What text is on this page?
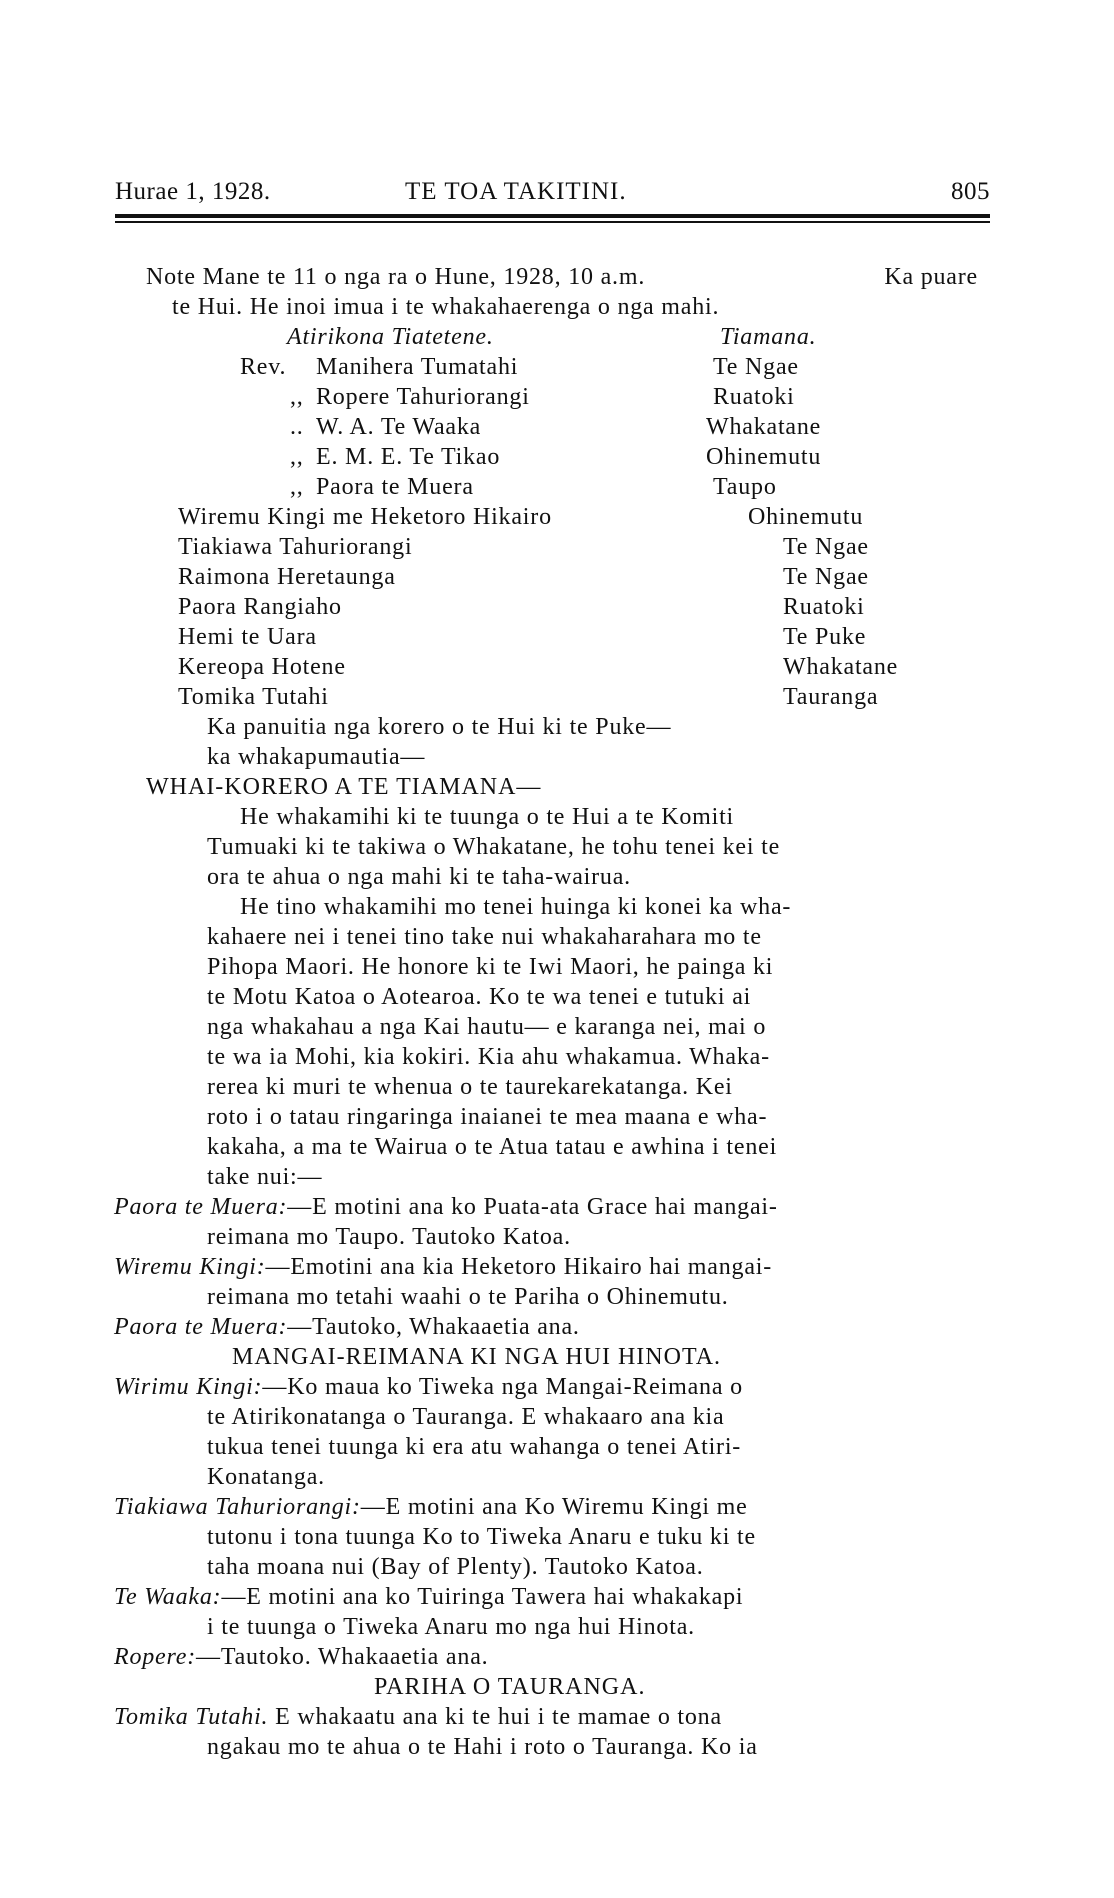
Hurae 1, 1928.	TE TOA TAKITINI.	805
Note Mane te 11 o nga ra o Hune, 1928, 10 a.m.	Ka puare
te Hui. He inoi imua i te whakahaerenga o nga mahi.
Atirikona Tiatetene.	Tiamana.
Rev. Manihera Tumatahi	Te Ngae
,, Ropere Tahuriorangi	Ruatoki
.. W. A. Te Waaka	Whakatane
,, E. M. E. Te Tikao	Ohinemutu
,, Paora te Muera	Taupo
Wiremu Kingi me Heketoro Hikairo	Ohinemutu
Tiakiawa Tahuriorangi	Te Ngae
Raimona Heretaunga	Te Ngae
Paora Rangiaho	Ruatoki
Hemi te Uara	Te Puke
Kereopa Hotene	Whakatane
Tomika Tutahi	Tauranga
Ka panuitia nga korero o te Hui ki te Puke—
ka whakapumautia—
WHAI-KORERO A TE TIAMANA—
He whakamihi ki te tuunga o te Hui a te Komiti
Tumuaki ki te takiwa o Whakatane, he tohu tenei kei te
ora te ahua o nga mahi ki te taha-wairua.
He tino whakamihi mo tenei huinga ki konei ka wha-
kahaere nei i tenei tino take nui whakaharahara mo te
Pihopa Maori. He honore ki te Iwi Maori, he painga ki
te Motu Katoa o Aotearoa. Ko te wa tenei e tutuki ai
nga whakahau a nga Kai hautu— e karanga nei, mai o
te wa ia Mohi, kia kokiri. Kia ahu whakamua. Whaka-
rerea ki muri te whenua o te taurekarekatanga. Kei
roto i o tatau ringaringa inaianei te mea maana e wha-
kakaha, a ma te Wairua o te Atua tatau e awhina i tenei
take nui:—
Paora te Muera:—E motini ana ko Puata-ata Grace hai mangai-
reimana mo Taupo. Tautoko Katoa.
Wiremu Kingi:—Emotini ana kia Heketoro Hikairo hai mangai-
reimana mo tetahi waahi o te Pariha o Ohinemutu.
Paora te Muera:—Tautoko, Whakaaetia ana.
MANGAI-REIMANA KI NGA HUI HINOTA.
Wirimu Kingi:—Ko maua ko Tiweka nga Mangai-Reimana o
te Atirikonatanga o Tauranga. E whakaaro ana kia
tukua tenei tuunga ki era atu wahanga o tenei Atiri-
Konatanga.
Tiakiawa Tahuriorangi:—E motini ana Ko Wiremu Kingi me
tutonu i tona tuunga Ko to Tiweka Anaru e tuku ki te
taha moana nui (Bay of Plenty). Tautoko Katoa.
Te Waaka:—E motini ana ko Tuiringa Tawera hai whakakapi
i te tuunga o Tiweka Anaru mo nga hui Hinota.
Ropere:—Tautoko. Whakaaetia ana.
PARIHA O TAURANGA.
Tomika Tutahi. E whakaatu ana ki te hui i te mamae o tona
ngakau mo te ahua o te Hahi i roto o Tauranga. Ko ia
